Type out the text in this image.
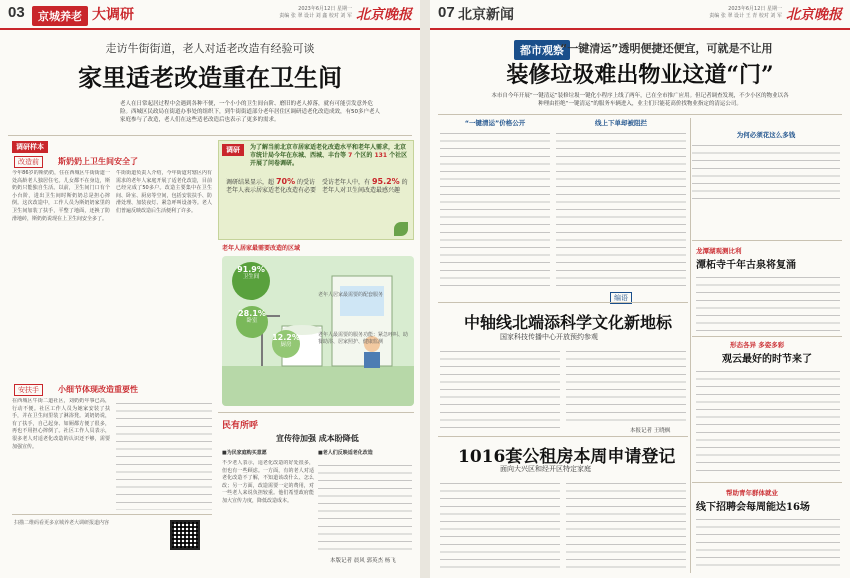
03	京城养老 大调研	2023年6月12日 星期一
责编 张 翠 设计 刘 鑫 校对 刘 军 北京晚报
走访牛街街道，老人对适老改造有经验可谈
家里适老改造重在卫生间
老人在日常起居过程中会遇到各种不便，一个小小的卫生间台阶、磨旧的老人掉落，就有可能引发意外危险。西城区民政局在街道办事处的组织下，到牛街街道部分老年居住区调研适老化改造成效，有50多户老人家庭参与了改造，老人们在这些适老改造后也表示了更多的需求。
调研样本
改造前	斯奶奶上卫生间安全了
今年86岁的斯奶奶，住在西城区牛街街道一处高龄老人独居住宅。儿女都不在身边，斯奶奶只能独自生活。以前，卫生间门口有个小台阶，进出卫生间时斯奶奶总是担心摔倒。这次改造中，工作人员为斯奶奶家里的卫生间加装了扶手，平整了地面，还换了防滑地砖，斯奶奶说现在上卫生间安全多了。
牛街街道负责人介绍，今年街道对辖区内有需求的老年人家庭开展了适老化改造，目前已经完成了50多户。改造主要集中在卫生间、卧室、厨房等空间，包括安装扶手、防滑处理、加装夜灯、紧急呼叫设备等。老人们普遍反映改造后生活便利了许多。
调研	为了解当前北京市居家适老化改造水平和老年人需求，北京市统计局今年在东城、西城、丰台等 7 个区的 131 个社区开展了问卷调研。
调研结果显示，超 70% 的受访老年人表示居家适老化改造有必要
受访老年人中，有 95.2% 的老年人对卫生间改造最感兴趣
老年人居家最需要改造的区域
91.9%
卫生间
28.1%
卧室
12.2%
厨房
老年人居家最需要的配套服务
老年人最需要的服务功能：紧急呼叫、助餐助浴、居家照护、健康监测
安扶手	小细节体现改造重要性
在西城区牛街二道社区，刘奶奶年事已高，行动不便。社区工作人员为她家安装了扶手，并在卫生间里装了淋浴凳。刘奶奶说，有了扶手，自己起身、如厕都方便了很多，再也不用担心摔倒了。社区工作人员表示，很多老人对适老化改造的认识还不够，需要加强宣传。
民有所呼
宣传待加强 成本盼降低
■为民家庭购买意愿	■老人们反映适老化改造
不少老人表示，适老化改造的好处很多，但也有一些顾虑。一方面，有的老人对适老化改造不了解，不知道该改什么、怎么改；另一方面，改造需要一定的费用，对一些老人来说负担较重。他们希望政府能加大宣传力度，降低改造成本。
本版记者 晨风 郭英杰 杨飞
扫描二维码看更多京城养老大调研报道内容
07 北京新闻	2023年6月12日 星期一
责编 张 翠 设计 王 青 校对 刘 军 北京晚报
都市观察
“一键清运”透明便捷还便宜，可就是不让用
装修垃圾难出物业这道“门”
本市自今年开展“一键清运”装修垃圾一键化小程序上线了两年，已在全市推广应用。但记者调查发现，不少小区的物业以各种理由拒绝“一键清运”的服务车辆进入，业主们只能花高价找物业指定的清运公司。
“一键清运”价格公开	线上下单却被阻拦
编语
为何必须花这么多钱
中轴线北端添科学文化新地标
国家科技传播中心开放预约参观
本报记者 王晓枫
1016套公租房本周申请登记
面向大兴区和经开区特定家庭
龙潭湖观测比利
潭柘寺千年古泉将复涌
形态各异 多姿多彩
观云最好的时节来了
帮助青年群体就业
线下招聘会每周能达16场
